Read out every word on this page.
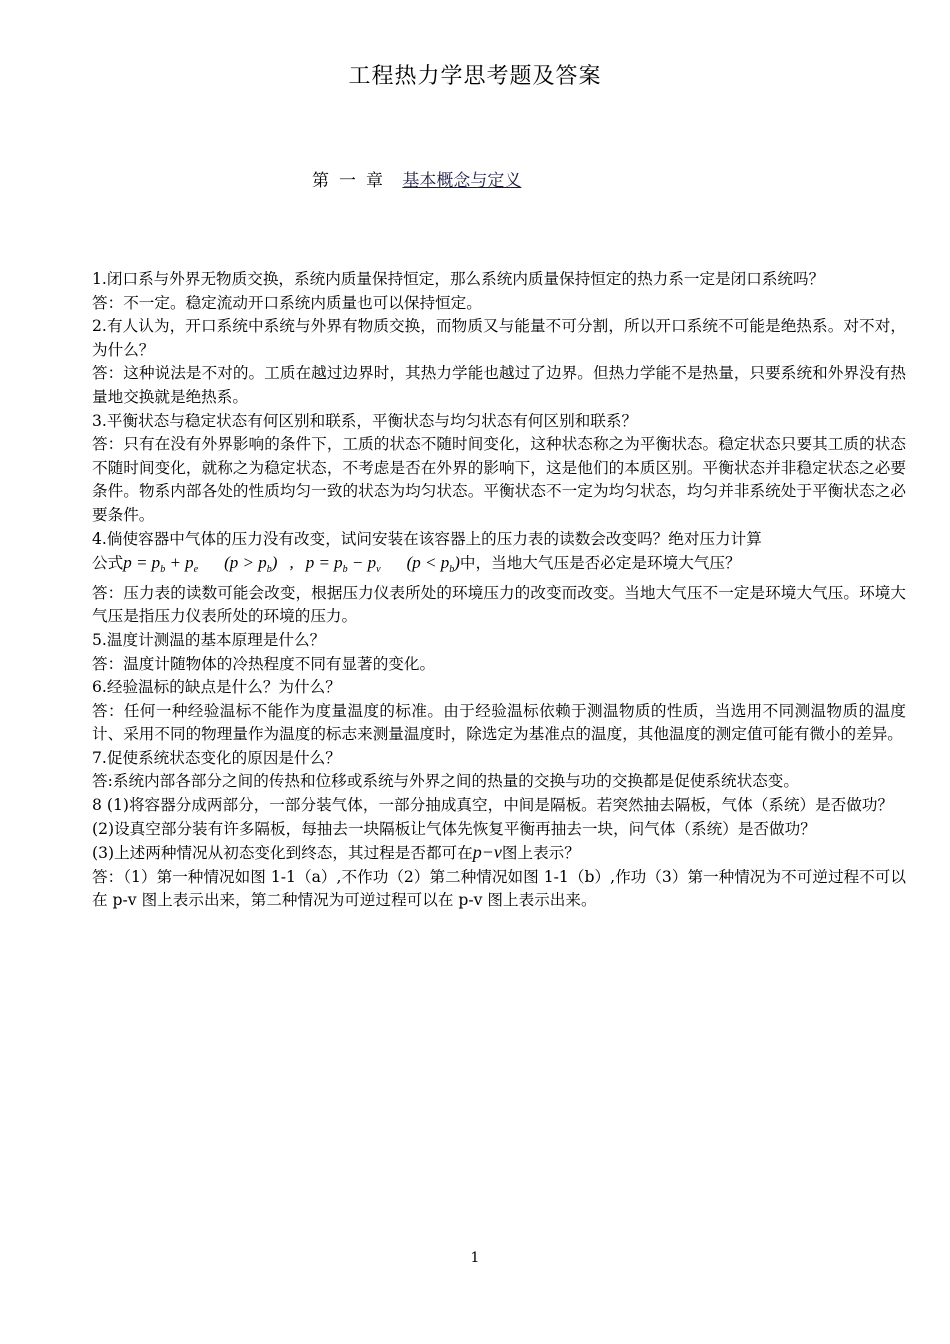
工程热力学思考题及答案
第一章 基本概念与定义

1.闭口系与外界无物质交换，系统内质量保持恒定，那么系统内质量保持恒定的热力系一定是闭口系统吗？

答：不一定。稳定流动开口系统内质量也可以保持恒定。

2.有人认为，开口系统中系统与外界有物质交换，而物质又与能量不可分割，所以开口系统不可能是绝热系。对不对，为什么？

答：这种说法是不对的。工质在越过边界时，其热力学能也越过了边界。但热力学能不是热量，只要系统和外界没有热量地交换就是绝热系。

3.平衡状态与稳定状态有何区别和联系，平衡状态与均匀状态有何区别和联系？

答：只有在没有外界影响的条件下，工质的状态不随时间变化，这种状态称之为平衡状态。稳定状态只要其工质的状态不随时间变化，就称之为稳定状态，不考虑是否在外界的影响下，这是他们的本质区别。平衡状态并非稳定状态之必要条件。物系内部各处的性质均匀一致的状态为均匀状态。平衡状态不一定为均匀状态，均匀并非系统处于平衡状态之必要条件。

4.倘使容器中气体的压力没有改变，试问安装在该容器上的压力表的读数会改变吗？绝对压力计算

公式$p = p_b + p_e$ $(p > p_b)$ , $p = p_b - p_v$ $(p < p_b)$中，当地大气压是否必定是环境大气压？

答：压力表的读数可能会改变，根据压力仪表所处的环境压力的改变而改变。当地大气压不一定是环境大气压。环境大气压是指压力仪表所处的环境的压力。

5.温度计测温的基本原理是什么？

答：温度计随物体的冷热程度不同有显著的变化。

6.经验温标的缺点是什么？为什么？

答：任何一种经验温标不能作为度量温度的标准。由于经验温标依赖于测温物质的性质，当选用不同测温物质的温度计、采用不同的物理量作为温度的标志来测量温度时，除选定为基准点的温度，其他温度的测定值可能有微小的差异。

7.促使系统状态变化的原因是什么？

答:系统内部各部分之间的传热和位移或系统与外界之间的热量的交换与功的交换都是促使系统状态变。

8 (1)将容器分成两部分，一部分装气体，一部分抽成真空，中间是隔板。若突然抽去隔板，气体（系统）是否做功？

(2)设真空部分装有许多隔板，每抽去一块隔板让气体先恢复平衡再抽去一块，问气体（系统）是否做功？

(3)上述两种情况从初态变化到终态，其过程是否都可在p−v图上表示？

答：（1）第一种情况如图 1-1（a）,不作功（2）第二种情况如图 1-1（b）,作功（3）第一种情况为不可逆过程不可以在 p-v 图上表示出来，第二种情况为可逆过程可以在 p-v 图上表示出来。

1
